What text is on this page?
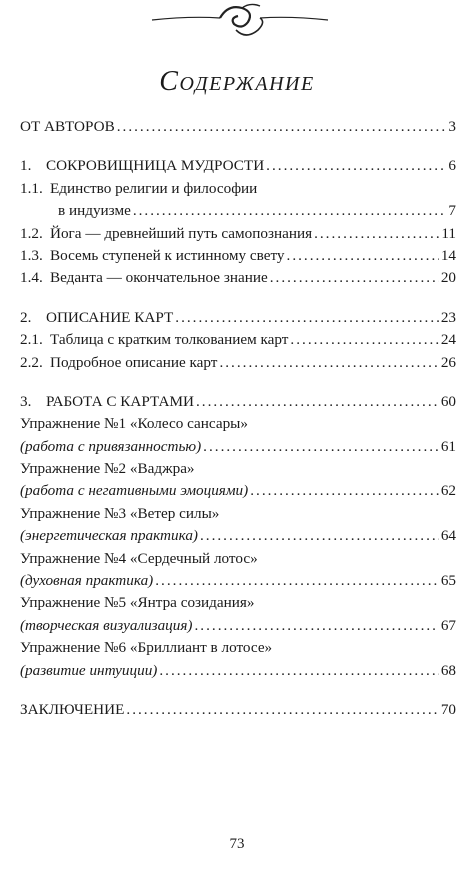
Содержание
ОТ АВТОРОВ .....	3
1. СОКРОВИЩНИЦА МУДРОСТИ .....	6
1.1. Единство религии и философии
в индуизме .....	7
1.2. Йога — древнейший путь самопознания .....	11
1.3. Восемь ступеней к истинному свету .....	14
1.4. Веданта — окончательное знание .....	20
2. ОПИСАНИЕ КАРТ .....	23
2.1. Таблица с кратким толкованием карт .....	24
2.2. Подробное описание карт .....	26
3. РАБОТА С КАРТАМИ .....	60
Упражнение №1 «Колесо сансары»
(работа с привязанностью) .....	61
Упражнение №2 «Ваджра»
(работа с негативными эмоциями) .....	62
Упражнение №3 «Ветер силы»
(энергетическая практика) .....	64
Упражнение №4 «Сердечный лотос»
(духовная практика) .....	65
Упражнение №5 «Янтра созидания»
(творческая визуализация) .....	67
Упражнение №6 «Бриллиант в лотосе»
(развитие интуиции) .....	68
ЗАКЛЮЧЕНИЕ .....	70
73
